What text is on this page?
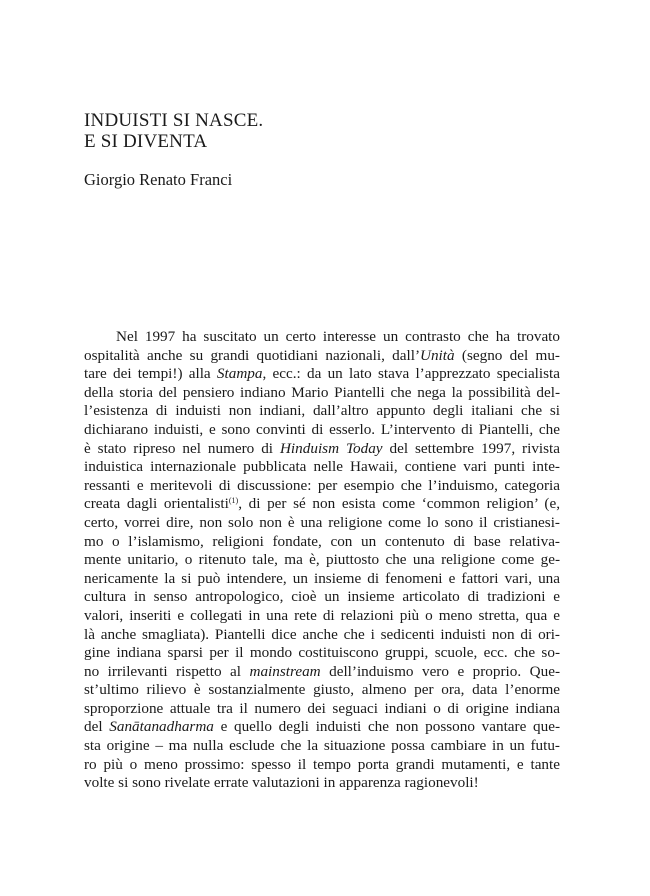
INDUISTI SI NASCE.
E SI DIVENTA

Giorgio Renato Franci

Nel 1997 ha suscitato un certo interesse un contrasto che ha trovato
ospitalità anche su grandi quotidiani nazionali, dall’Unità (segno del mu-
tare dei tempi!) alla Stampa, ecc.: da un lato stava l’apprezzato specialista
della storia del pensiero indiano Mario Piantelli che nega la possibilità del-
l’esistenza di induisti non indiani, dall’altro appunto degli italiani che si
dichiarano induisti, e sono convinti di esserlo. L’intervento di Piantelli, che
è stato ripreso nel numero di Hinduism Today del settembre 1997, rivista
induistica internazionale pubblicata nelle Hawaii, contiene vari punti inte-
ressanti e meritevoli di discussione: per esempio che l’induismo, categoria
creata dagli orientalisti$^{(1)}$, di per sé non esista come ‘common religion’ (e,
certo, vorrei dire, non solo non è una religione come lo sono il cristianesi-
mo o l’islamismo, religioni fondate, con un contenuto di base relativa-
mente unitario, o ritenuto tale, ma è, piuttosto che una religione come ge-
nericamente la si può intendere, un insieme di fenomeni e fattori vari, una
cultura in senso antropologico, cioè un insieme articolato di tradizioni e
valori, inseriti e collegati in una rete di relazioni più o meno stretta, qua e
là anche smagliata). Piantelli dice anche che i sedicenti induisti non di ori-
gine indiana sparsi per il mondo costituiscono gruppi, scuole, ecc. che so-
no irrilevanti rispetto al mainstream dell’induismo vero e proprio. Que-
st’ultimo rilievo è sostanzialmente giusto, almeno per ora, data l’enorme
sproporzione attuale tra il numero dei seguaci indiani o di origine indiana
del Sanātanadharma e quello degli induisti che non possono vantare que-
sta origine – ma nulla esclude che la situazione possa cambiare in un futu-
ro più o meno prossimo: spesso il tempo porta grandi mutamenti, e tante
volte si sono rivelate errate valutazioni in apparenza ragionevoli!
